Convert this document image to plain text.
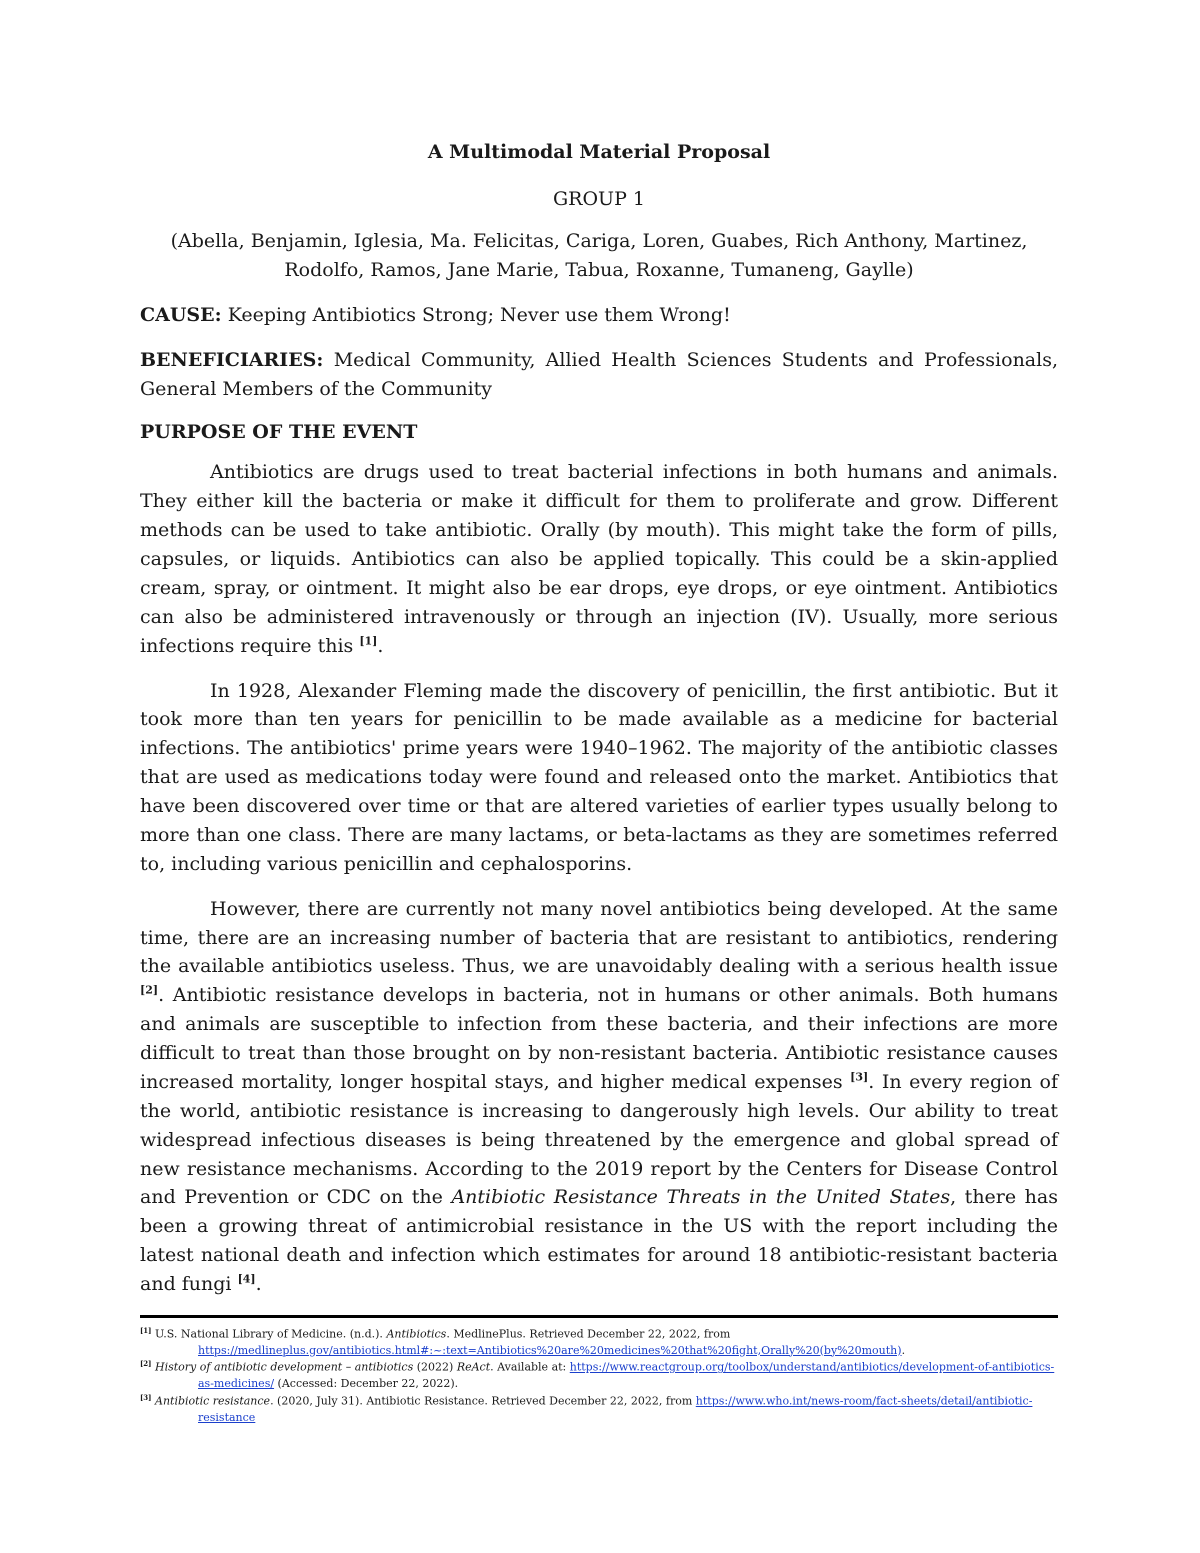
A Multimodal Material Proposal
GROUP 1
(Abella, Benjamin, Iglesia, Ma. Felicitas, Cariga, Loren, Guabes, Rich Anthony, Martinez,
Rodolfo, Ramos, Jane Marie, Tabua, Roxanne, Tumaneng, Gaylle)
CAUSE: Keeping Antibiotics Strong; Never use them Wrong!
BENEFICIARIES: Medical Community, Allied Health Sciences Students and Professionals, General Members of the Community
PURPOSE OF THE EVENT

Antibiotics are drugs used to treat bacterial infections in both humans and animals. They either kill the bacteria or make it difficult for them to proliferate and grow. Different methods can be used to take antibiotic. Orally (by mouth). This might take the form of pills, capsules, or liquids. Antibiotics can also be applied topically. This could be a skin-applied cream, spray, or ointment. It might also be ear drops, eye drops, or eye ointment. Antibiotics can also be administered intravenously or through an injection (IV). Usually, more serious infections require this [1].

In 1928, Alexander Fleming made the discovery of penicillin, the first antibiotic. But it took more than ten years for penicillin to be made available as a medicine for bacterial infections. The antibiotics' prime years were 1940–1962. The majority of the antibiotic classes that are used as medications today were found and released onto the market. Antibiotics that have been discovered over time or that are altered varieties of earlier types usually belong to more than one class. There are many lactams, or beta-lactams as they are sometimes referred to, including various penicillin and cephalosporins.

However, there are currently not many novel antibiotics being developed. At the same time, there are an increasing number of bacteria that are resistant to antibiotics, rendering the available antibiotics useless. Thus, we are unavoidably dealing with a serious health issue [2]. Antibiotic resistance develops in bacteria, not in humans or other animals. Both humans and animals are susceptible to infection from these bacteria, and their infections are more difficult to treat than those brought on by non-resistant bacteria. Antibiotic resistance causes increased mortality, longer hospital stays, and higher medical expenses [3]. In every region of the world, antibiotic resistance is increasing to dangerously high levels. Our ability to treat widespread infectious diseases is being threatened by the emergence and global spread of new resistance mechanisms. According to the 2019 report by the Centers for Disease Control and Prevention or CDC on the Antibiotic Resistance Threats in the United States, there has been a growing threat of antimicrobial resistance in the US with the report including the latest national death and infection which estimates for around 18 antibiotic-resistant bacteria and fungi [4].

[1] U.S. National Library of Medicine. (n.d.). Antibiotics. MedlinePlus. Retrieved December 22, 2022, from https://medlineplus.gov/antibiotics.html#:~:text=Antibiotics%20are%20medicines%20that%20fight,Orally%20(by%20mouth).
[2] History of antibiotic development – antibiotics (2022) ReAct. Available at: https://www.reactgroup.org/toolbox/understand/antibiotics/development-of-antibiotics-as-medicines/ (Accessed: December 22, 2022).
[3] Antibiotic resistance. (2020, July 31). Antibiotic Resistance. Retrieved December 22, 2022, from https://www.who.int/news-room/fact-sheets/detail/antibiotic-resistance
